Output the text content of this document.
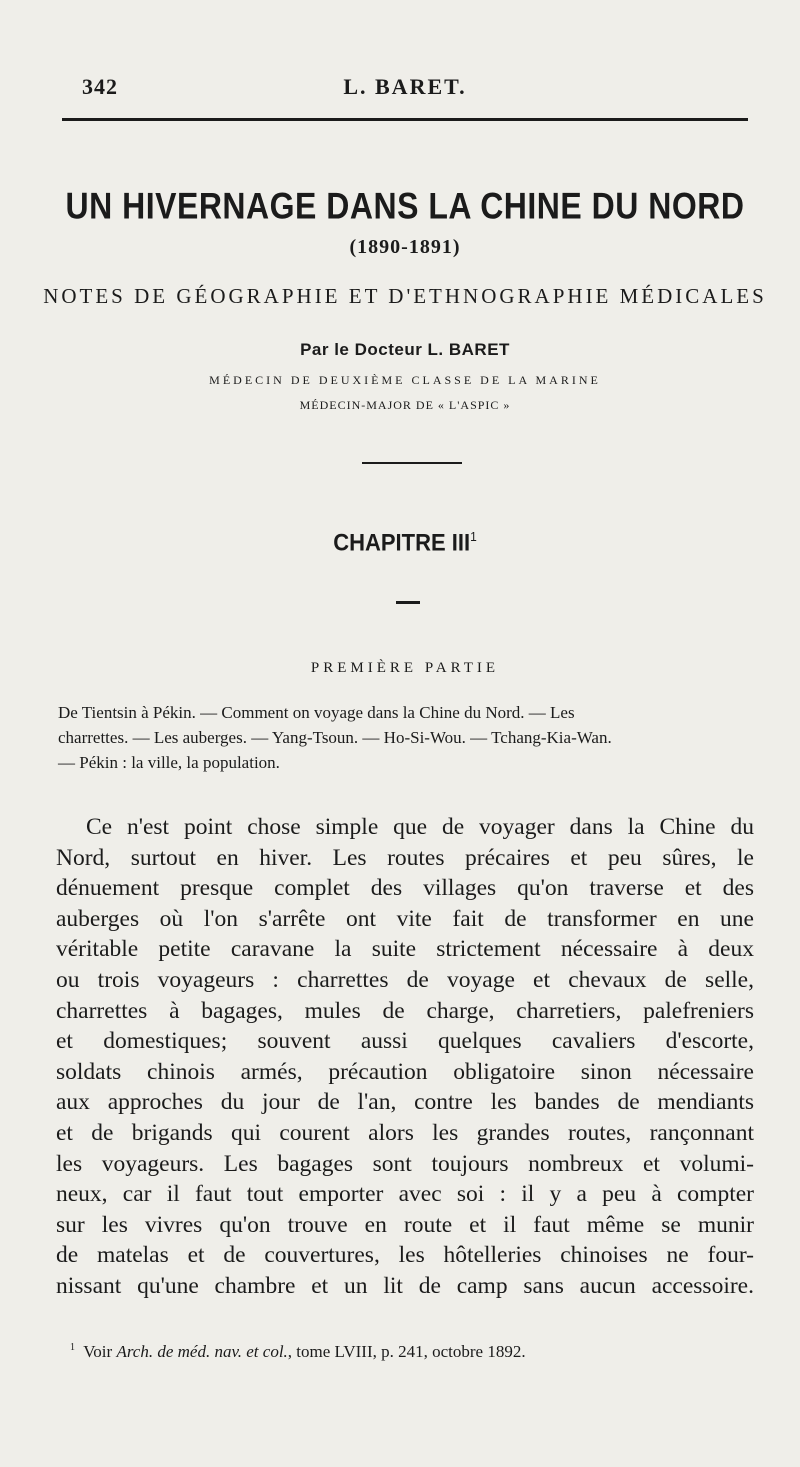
342	L. BARET.
UN HIVERNAGE DANS LA CHINE DU NORD
(1890-1891)
NOTES DE GÉOGRAPHIE ET D'ETHNOGRAPHIE MÉDICALES
Par le Docteur L. BARET
MÉDECIN DE DEUXIÈME CLASSE DE LA MARINE
MÉDECIN-MAJOR DE « L'ASPIC »
CHAPITRE III$^1$
PREMIÈRE PARTIE
De Tientsin à Pékin. — Comment on voyage dans la Chine du Nord. — Les
charrettes. — Les auberges. — Yang-Tsoun. — Ho-Si-Wou. — Tchang-Kia-Wan.
— Pékin : la ville, la population.
Ce n'est point chose simple que de voyager dans la Chine du
Nord, surtout en hiver. Les routes précaires et peu sûres, le
dénuement presque complet des villages qu'on traverse et des
auberges où l'on s'arrête ont vite fait de transformer en une
véritable petite caravane la suite strictement nécessaire à deux
ou trois voyageurs : charrettes de voyage et chevaux de selle,
charrettes à bagages, mules de charge, charretiers, palefreniers
et domestiques; souvent aussi quelques cavaliers d'escorte,
soldats chinois armés, précaution obligatoire sinon nécessaire
aux approches du jour de l'an, contre les bandes de mendiants
et de brigands qui courent alors les grandes routes, rançonnant
les voyageurs. Les bagages sont toujours nombreux et volumi-
neux, car il faut tout emporter avec soi : il y a peu à compter
sur les vivres qu'on trouve en route et il faut même se munir
de matelas et de couvertures, les hôtelleries chinoises ne four-
nissant qu'une chambre et un lit de camp sans aucun accessoire.
$^1$ Voir Arch. de méd. nav. et col., tome LVIII, p. 241, octobre 1892.
